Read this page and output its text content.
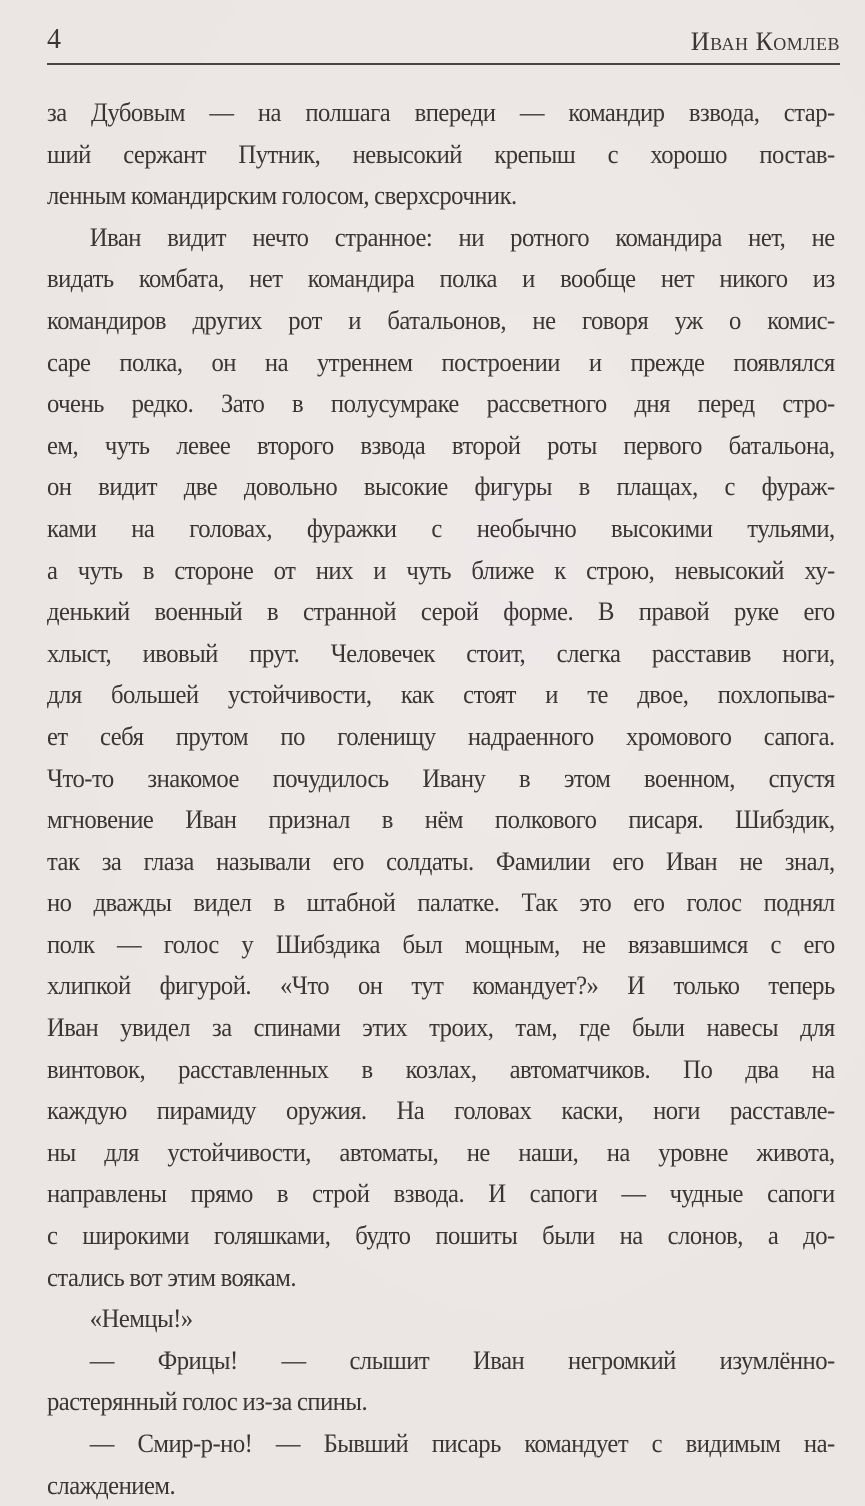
4	Иван Комлев
за Дубовым — на полшага впереди — командир взвода, стар-
ший сержант Путник, невысокий крепыш с хорошо постав-
ленным командирским голосом, сверхсрочник.
Иван видит нечто странное: ни ротного командира нет, не
видать комбата, нет командира полка и вообще нет никого из
командиров других рот и батальонов, не говоря уж о комис-
саре полка, он на утреннем построении и прежде появлялся
очень редко. Зато в полусумраке рассветного дня перед стро-
ем, чуть левее второго взвода второй роты первого батальона,
он видит две довольно высокие фигуры в плащах, с фураж-
ками на головах, фуражки с необычно высокими тульями,
а чуть в стороне от них и чуть ближе к строю, невысокий ху-
денький военный в странной серой форме. В правой руке его
хлыст, ивовый прут. Человечек стоит, слегка расставив ноги,
для большей устойчивости, как стоят и те двое, похлопыва-
ет себя прутом по голенищу надраенного хромового сапога.
Что-то знакомое почудилось Ивану в этом военном, спустя
мгновение Иван признал в нём полкового писаря. Шибздик,
так за глаза называли его солдаты. Фамилии его Иван не знал,
но дважды видел в штабной палатке. Так это его голос поднял
полк — голос у Шибздика был мощным, не вязавшимся с его
хлипкой фигурой. «Что он тут командует?» И только теперь
Иван увидел за спинами этих троих, там, где были навесы для
винтовок, расставленных в козлах, автоматчиков. По два на
каждую пирамиду оружия. На головах каски, ноги расставле-
ны для устойчивости, автоматы, не наши, на уровне живота,
направлены прямо в строй взвода. И сапоги — чудные сапоги
с широкими голяшками, будто пошиты были на слонов, а до-
стались вот этим воякам.
«Немцы!»
— Фрицы! — слышит Иван негромкий изумлённо-
растерянный голос из-за спины.
— Смир-р-но! — Бывший писарь командует с видимым на-
слаждением.
